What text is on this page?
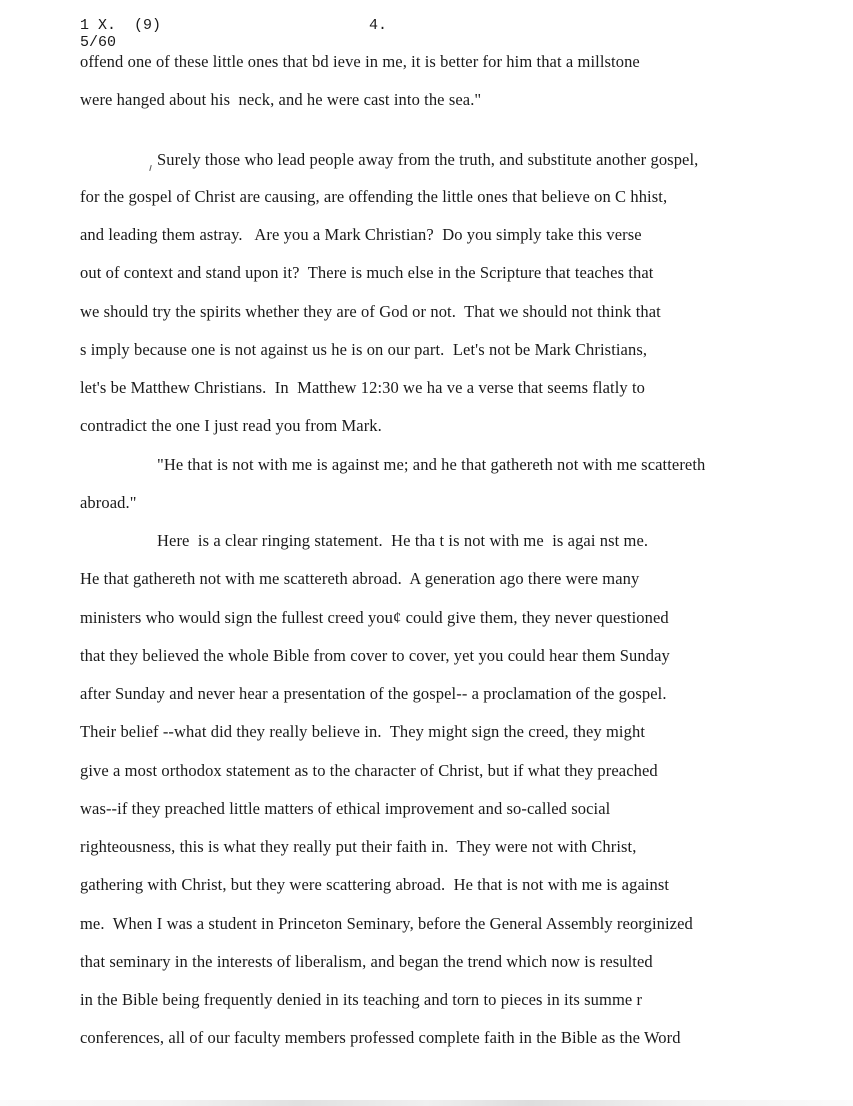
1 X.  (9)
5/60
4.
offend one of these little ones that bd ieve in me, it is better for him that a millstone
were hanged about his  neck, and he were cast into the sea."
Surely those who lead people away from the truth, and substitute another gospel,
for the gospel of Christ are causing, are offending the little ones that believe on C hhist,
and leading them astray.   Are you a Mark Christian?  Do you simply take this verse
out of context and stand upon it?  There is much else in the Scripture that teaches that
we should try the spirits whether they are of God or not.  That we should not think that
s imply because one is not against us he is on our part.  Let's not be Mark Christians,
let's be Matthew Christians.  In  Matthew 12:30 we ha ve a verse that seems flatly to
contradict the one I just read you from Mark.
"He that is not with me is against me; and he that gathereth not with me scattereth
abroad."
Here  is a clear ringing statement.  He tha t is not with me  is agai nst me.
He that gathereth not with me scattereth abroad.  A generation ago there were many
ministers who would sign the fullest creed you¢ could give them, they never questioned
that they believed the whole Bible from cover to cover, yet you could hear them Sunday
after Sunday and never hear a presentation of the gospel-- a proclamation of the gospel.
Their belief --what did they really believe in.  They might sign the creed, they might
give a most orthodox statement as to the character of Christ, but if what they preached
was--if they preached little matters of ethical improvement and so-called social
righteousness, this is what they really put their faith in.  They were not with Christ,
gathering with Christ, but they were scattering abroad.  He that is not with me is against
me.  When I was a student in Princeton Seminary, before the General Assembly reorginized
that seminary in the interests of liberalism, and began the trend which now is resulted
in the Bible being frequently denied in its teaching and torn to pieces in its summe r
conferences, all of our faculty members professed complete faith in the Bible as the Word
